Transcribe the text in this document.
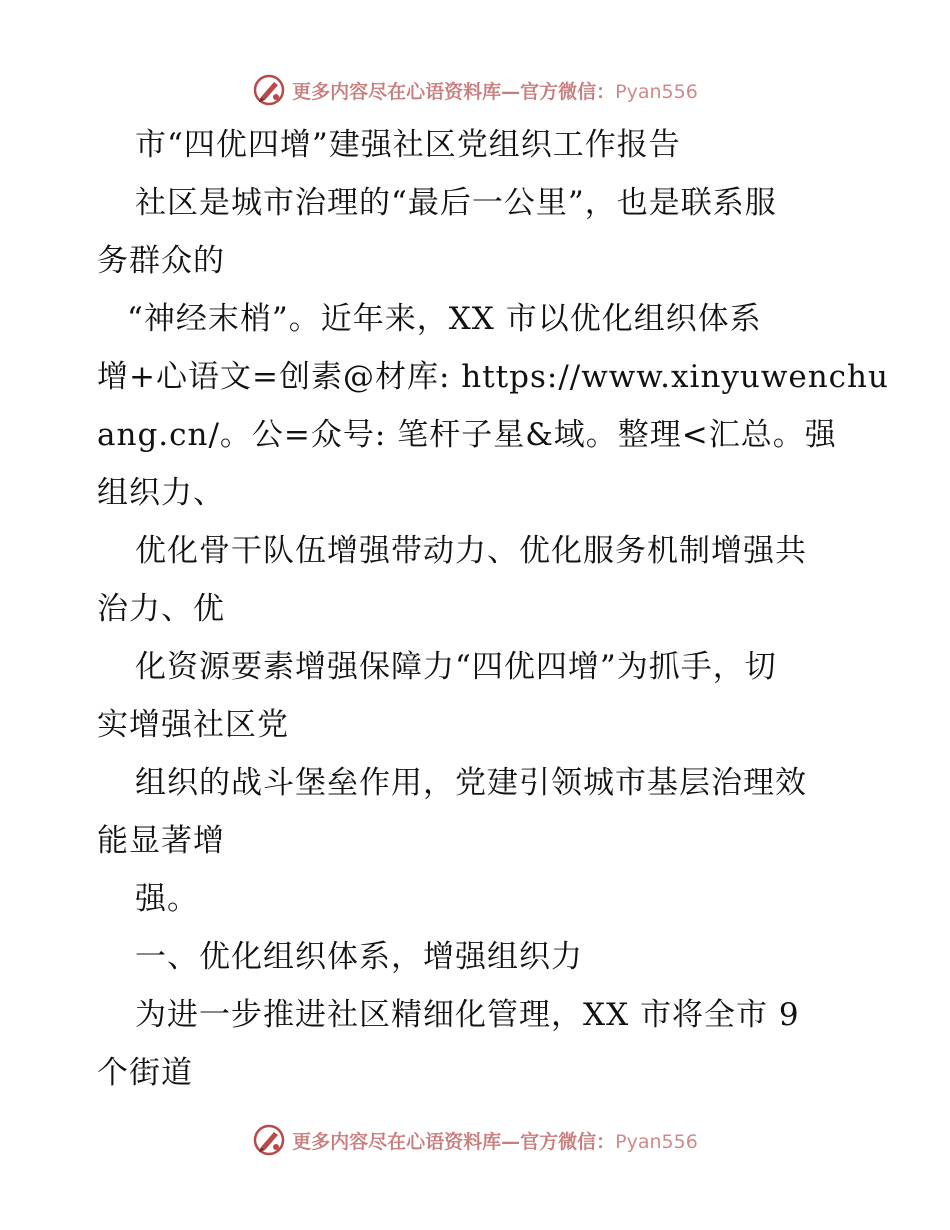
更多内容尽在心语资料库—官方微信：Pyan556
市“四优四增”建强社区党组织工作报告
社区是城市治理的“最后一公里”，也是联系服
务群众的
“神经末梢”。近年来，XX 市以优化组织体系
增+心语文=创素@材库: https://www.xinyuwenchu
ang.cn/。公=众号: 笔杆子星&域。整理<汇总。强
组织力、
优化骨干队伍增强带动力、优化服务机制增强共
治力、优
化资源要素增强保障力“四优四增”为抓手，切
实增强社区党
组织的战斗堡垒作用，党建引领城市基层治理效
能显著增
强。
一、优化组织体系，增强组织力
为进一步推进社区精细化管理，XX 市将全市 9
个街道
更多内容尽在心语资料库—官方微信：Pyan556
